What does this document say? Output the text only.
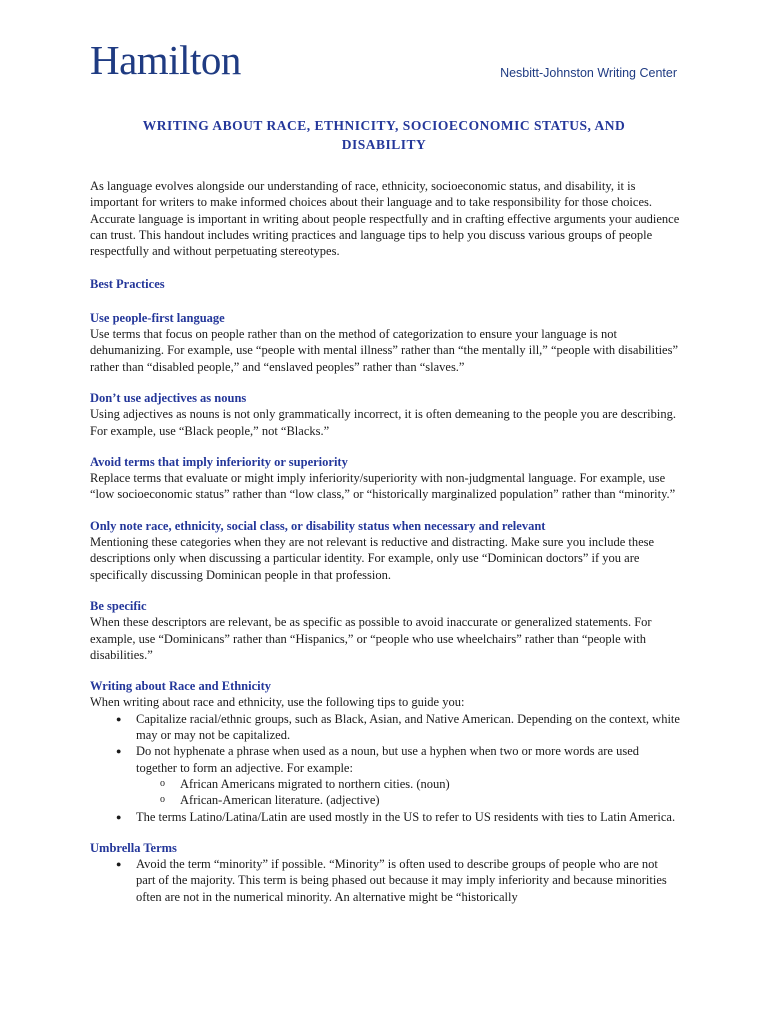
Hamilton	Nesbitt-Johnston Writing Center
WRITING ABOUT RACE, ETHNICITY, SOCIOECONOMIC STATUS, AND DISABILITY

As language evolves alongside our understanding of race, ethnicity, socioeconomic status, and disability, it is important for writers to make informed choices about their language and to take responsibility for those choices. Accurate language is important in writing about people respectfully and in crafting effective arguments your audience can trust. This handout includes writing practices and language tips to help you discuss various groups of people respectfully and without perpetuating stereotypes.

Best Practices

Use people-first language

Use terms that focus on people rather than on the method of categorization to ensure your language is not dehumanizing. For example, use “people with mental illness” rather than “the mentally ill,” “people with disabilities” rather than “disabled people,” and “enslaved peoples” rather than “slaves.”

Don’t use adjectives as nouns

Using adjectives as nouns is not only grammatically incorrect, it is often demeaning to the people you are describing. For example, use “Black people,” not “Blacks.”

Avoid terms that imply inferiority or superiority

Replace terms that evaluate or might imply inferiority/superiority with non-judgmental language. For example, use “low socioeconomic status” rather than “low class,” or “historically marginalized population” rather than “minority.”

Only note race, ethnicity, social class, or disability status when necessary and relevant

Mentioning these categories when they are not relevant is reductive and distracting. Make sure you include these descriptions only when discussing a particular identity. For example, only use “Dominican doctors” if you are specifically discussing Dominican people in that profession.

Be specific

When these descriptors are relevant, be as specific as possible to avoid inaccurate or generalized statements. For example, use “Dominicans” rather than “Hispanics,” or “people who use wheelchairs” rather than “people with disabilities.”

Writing about Race and Ethnicity

When writing about race and ethnicity, use the following tips to guide you:

● Capitalize racial/ethnic groups, such as Black, Asian, and Native American. Depending on the context, white may or may not be capitalized.
● Do not hyphenate a phrase when used as a noun, but use a hyphen when two or more words are used together to form an adjective. For example:
o African Americans migrated to northern cities. (noun)
o African-American literature. (adjective)
● The terms Latino/Latina/Latin are used mostly in the US to refer to US residents with ties to Latin America.

Umbrella Terms

● Avoid the term “minority” if possible. “Minority” is often used to describe groups of people who are not part of the majority. This term is being phased out because it may imply inferiority and because minorities often are not in the numerical minority. An alternative might be “historically
